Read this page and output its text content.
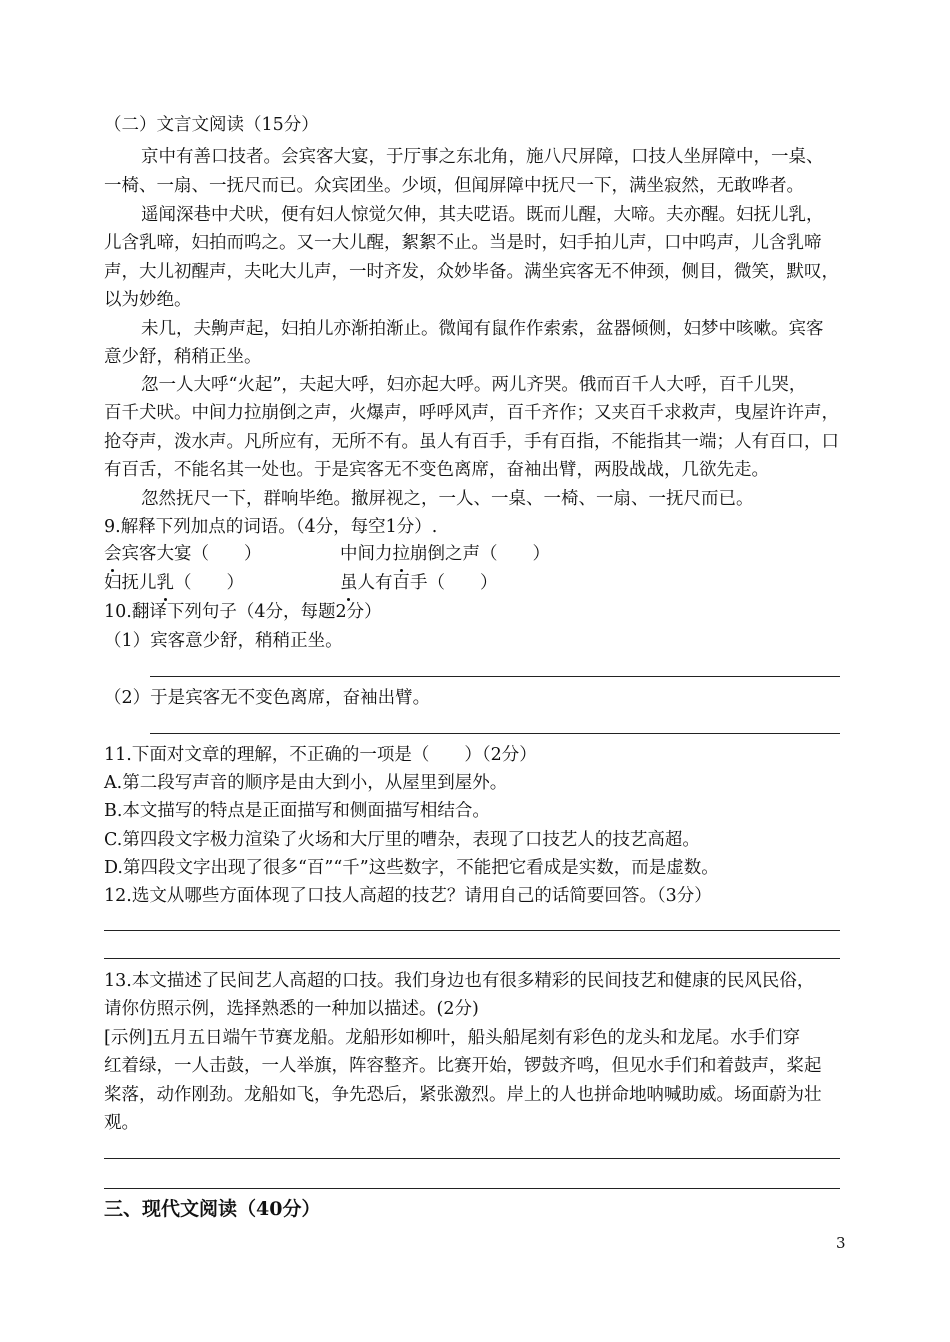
（二）文言文阅读（15分）
京中有善口技者。会宾客大宴，于厅事之东北角，施八尺屏障，口技人坐屏障中，一桌、
一椅、一扇、一抚尺而已。众宾团坐。少顷，但闻屏障中抚尺一下，满坐寂然，无敢哗者。
遥闻深巷中犬吠，便有妇人惊觉欠伸，其夫呓语。既而儿醒，大啼。夫亦醒。妇抚儿乳，
儿含乳啼，妇拍而呜之。又一大儿醒，絮絮不止。当是时，妇手拍儿声，口中呜声，儿含乳啼
声，大儿初醒声，夫叱大儿声，一时齐发，众妙毕备。满坐宾客无不伸颈，侧目，微笑，默叹，
以为妙绝。
未几，夫齁声起，妇拍儿亦渐拍渐止。微闻有鼠作作索索，盆器倾侧，妇梦中咳嗽。宾客
意少舒，稍稍正坐。
忽一人大呼“火起”，夫起大呼，妇亦起大呼。两儿齐哭。俄而百千人大呼，百千儿哭，
百千犬吠。中间力拉崩倒之声，火爆声，呼呼风声，百千齐作；又夹百千求救声，曳屋许许声，
抢夺声，泼水声。凡所应有，无所不有。虽人有百手，手有百指，不能指其一端；人有百口，口
有百舌，不能名其一处也。于是宾客无不变色离席，奋袖出臂，两股战战，几欲先走。
忽然抚尺一下，群响毕绝。撤屏视之，一人、一桌、一椅、一扇、一抚尺而已。
9.解释下列加点的词语。（4分，每空1分）.
会宾客大宴（　　）	中间力拉崩倒之声（　　）
妇抚儿乳（　　）	虽人有百手（　　）
10.翻译下列句子（4分，每题2分）
（1）宾客意少舒，稍稍正坐。
（2）于是宾客无不变色离席，奋袖出臂。
11.下面对文章的理解，不正确的一项是（　　）（2分）
A.第二段写声音的顺序是由大到小，从屋里到屋外。
B.本文描写的特点是正面描写和侧面描写相结合。
C.第四段文字极力渲染了火场和大厅里的嘈杂，表现了口技艺人的技艺高超。
D.第四段文字出现了很多“百”“千”这些数字，不能把它看成是实数，而是虚数。
12.选文从哪些方面体现了口技人高超的技艺？请用自己的话简要回答。（3分）
13.本文描述了民间艺人高超的口技。我们身边也有很多精彩的民间技艺和健康的民风民俗，
请你仿照示例，选择熟悉的一种加以描述。(2分)
[示例]五月五日端午节赛龙船。龙船形如柳叶，船头船尾刻有彩色的龙头和龙尾。水手们穿
红着绿，一人击鼓，一人举旗，阵容整齐。比赛开始，锣鼓齐鸣，但见水手们和着鼓声，桨起
桨落，动作刚劲。龙船如飞，争先恐后，紧张激烈。岸上的人也拼命地呐喊助威。场面蔚为壮
观。
三、现代文阅读（40分）
3
